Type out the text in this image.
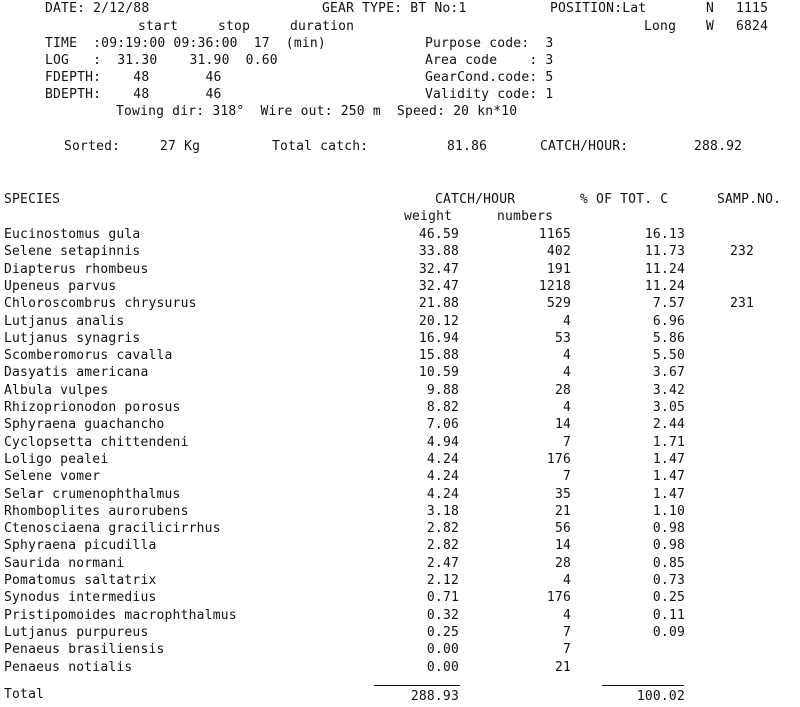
DATE: 2/12/88	GEAR TYPE: BT No:1	POSITION:Lat	N 1115
start	stop	duration	Long W 6824
TIME  :09:19:00 09:36:00  17  (min)
LOG   :  31.30    31.90  0.60
FDEPTH:    48       46
BDEPTH:    48       46
Purpose code:  3
Area code    : 3
GearCond.code: 5
Validity code: 1
Towing dir: 318°  Wire out: 250 m  Speed: 20 kn*10
Sorted:	27 Kg	Total catch:	81.86	CATCH/HOUR:	288.92
SPECIES	CATCH/HOUR	% OF TOT. C	SAMP.NO.
weight	numbers
Eucinostomus gula	46.59	1165	16.13
Selene setapinnis	33.88	402	11.73	232
Diapterus rhombeus	32.47	191	11.24
Upeneus parvus	32.47	1218	11.24
Chloroscombrus chrysurus	21.88	529	7.57	231
Lutjanus analis	20.12	4	6.96
Lutjanus synagris	16.94	53	5.86
Scomberomorus cavalla	15.88	4	5.50
Dasyatis americana	10.59	4	3.67
Albula vulpes	9.88	28	3.42
Rhizoprionodon porosus	8.82	4	3.05
Sphyraena guachancho	7.06	14	2.44
Cyclopsetta chittendeni	4.94	7	1.71
Loligo pealei	4.24	176	1.47
Selene vomer	4.24	7	1.47
Selar crumenophthalmus	4.24	35	1.47
Rhomboplites aurorubens	3.18	21	1.10
Ctenosciaena gracilicirrhus	2.82	56	0.98
Sphyraena picudilla	2.82	14	0.98
Saurida normani	2.47	28	0.85
Pomatomus saltatrix	2.12	4	0.73
Synodus intermedius	0.71	176	0.25
Pristipomoides macrophthalmus	0.32	4	0.11
Lutjanus purpureus	0.25	7	0.09
Penaeus brasiliensis	0.00	7
Penaeus notialis	0.00	21
Total	288.93	100.02
